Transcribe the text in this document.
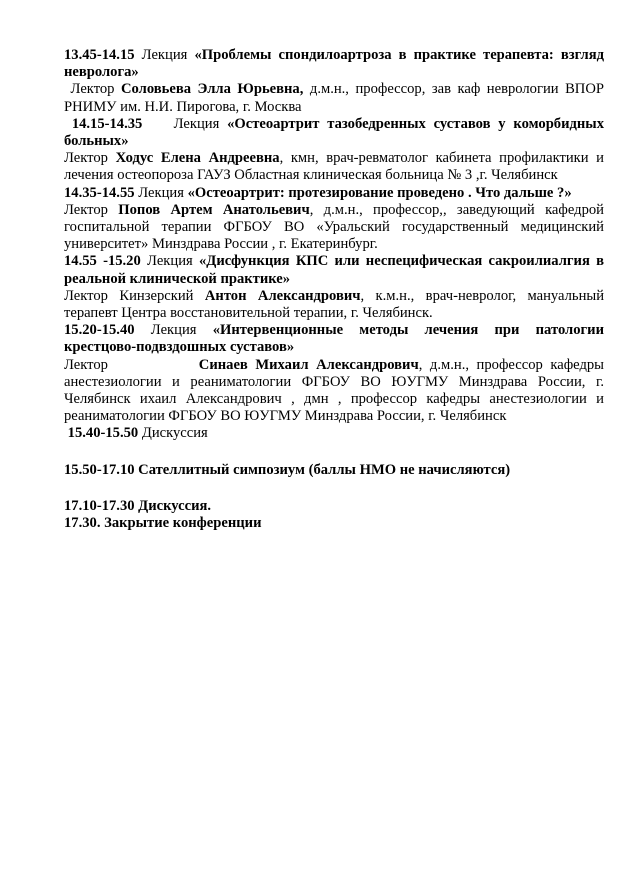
13.45-14.15 Лекция «Проблемы спондилоартроза в практике терапевта: взгляд невролога»

Лектор Соловьева Элла Юрьевна, д.м.н., профессор, зав каф неврологии ВПОР РНИМУ им. Н.И. Пирогова, г. Москва

14.15-14.35 Лекция «Остеоартрит тазобедренных суставов у коморбидных больных»

Лектор Ходус Елена Андреевна, кмн, врач-ревматолог кабинета профилактики и лечения остеопороза ГАУЗ Областная клиническая больница № 3 ,г. Челябинск

14.35-14.55 Лекция «Остеоартрит: протезирование проведено . Что дальше ?»

Лектор Попов Артем Анатольевич, д.м.н., профессор,, заведующий кафедрой госпитальной терапии ФГБОУ ВО «Уральский государственный медицинский университет» Минздрава России , г. Екатеринбург.

14.55 -15.20 Лекция «Дисфункция КПС или неспецифическая сакроилиалгия в реальной клинической практике»

Лектор Кинзерский Антон Александрович, к.м.н., врач-невролог, мануальный терапевт Центра восстановительной терапии, г. Челябинск.

15.20-15.40 Лекция «Интервенционные методы лечения при патологии крестцово-подвздошных суставов»

Лектор	Синаев Михаил Александрович, д.м.н., профессор кафедры анестезиологии и реаниматологии ФГБОУ ВО ЮУГМУ Минздрава России, г. Челябинск ихаил Александрович , дмн , профессор кафедры анестезиологии и реаниматологии ФГБОУ ВО ЮУГМУ Минздрава России, г. Челябинск

15.40-15.50 Дискуссия

15.50-17.10 Сателлитный симпозиум (баллы НМО не начисляются)

17.10-17.30 Дискуссия.

17.30. Закрытие конференции
